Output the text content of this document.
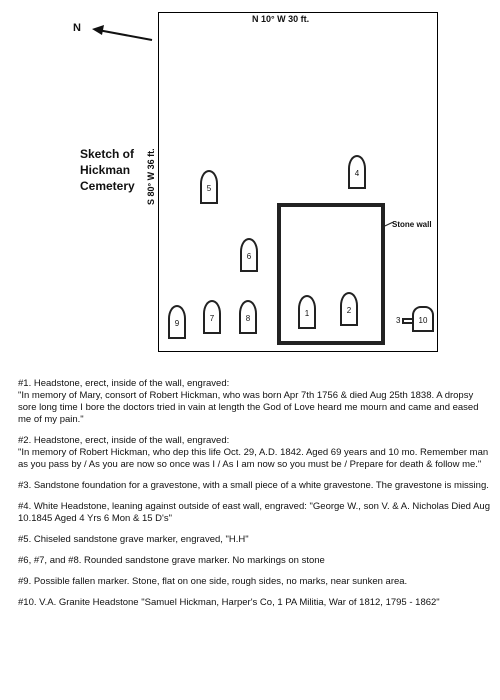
N
N 10° W 30 ft.
S 80° W 36 ft.
Sketch of
Hickman
Cemetery
Stone wall
1	2
3
4
5
6
7	8
9	10

#1. Headstone, erect, inside of the wall, engraved:

"In memory of Mary, consort of Robert Hickman, who was born Apr 7th 1756 & died Aug 25th 1838. A dropsy sore long time I bore the doctors tried in vain at length the God of Love heard me mourn and came and eased me of my pain."

#2. Headstone, erect, inside of the wall, engraved:

"In memory of Robert Hickman, who dep this life Oct. 29, A.D. 1842. Aged 69 years and 10 mo. Remember man as you pass by / As you are now so once was I / As I am now so you must be / Prepare for death & follow me."

#3. Sandstone foundation for a gravestone, with a small piece of a white gravestone. The gravestone is missing.

#4. White Headstone, leaning against outside of east wall, engraved: "George W., son V. & A. Nicholas Died Aug 10.1845 Aged 4 Yrs 6 Mon & 15 D's"

#5. Chiseled sandstone grave marker, engraved, "H.H"

#6, #7, and #8. Rounded sandstone grave marker. No markings on stone

#9. Possible fallen marker. Stone, flat on one side, rough sides, no marks, near sunken area.

#10. V.A. Granite Headstone "Samuel Hickman, Harper's Co, 1 PA Militia, War of 1812, 1795 - 1862"
